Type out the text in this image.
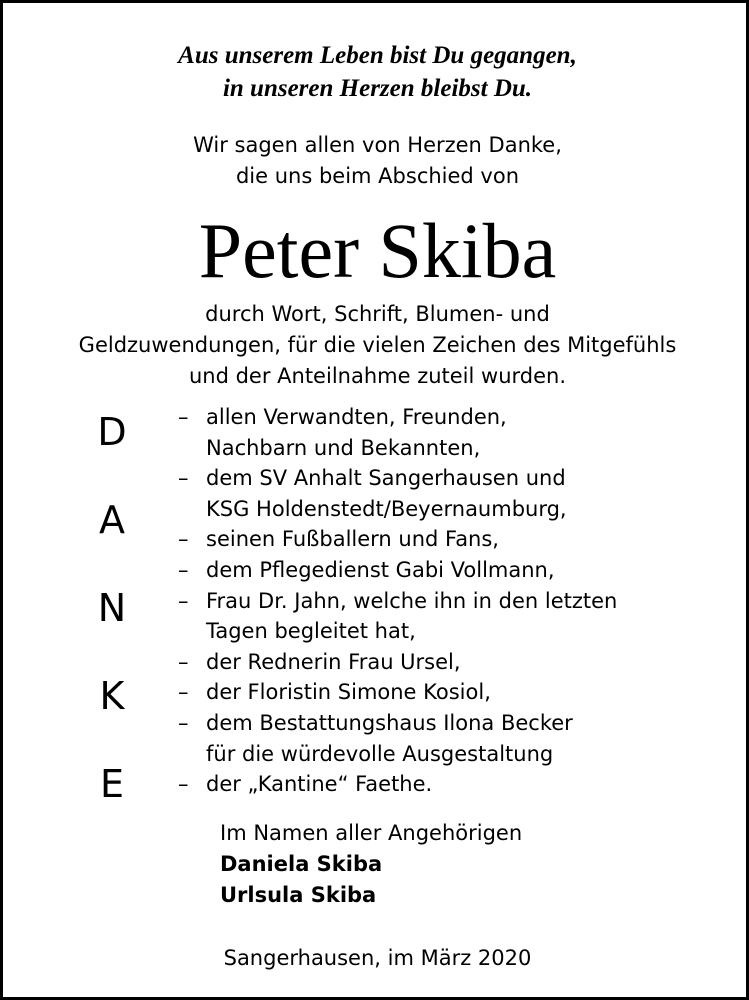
Aus unserem Leben bist Du gegangen,
in unseren Herzen bleibst Du.
Wir sagen allen von Herzen Danke,
die uns beim Abschied von
Peter Skiba
durch Wort, Schrift, Blumen- und
Geldzuwendungen, für die vielen Zeichen des Mitgefühls
und der Anteilnahme zuteil wurden.
D
A
N
K
E
– allen Verwandten, Freunden,
Nachbarn und Bekannten,
– dem SV Anhalt Sangerhausen und
KSG Holdenstedt/Beyernaumburg,
– seinen Fußballern und Fans,
– dem Pflegedienst Gabi Vollmann,
– Frau Dr. Jahn, welche ihn in den letzten
Tagen begleitet hat,
– der Rednerin Frau Ursel,
– der Floristin Simone Kosiol,
– dem Bestattungshaus Ilona Becker
für die würdevolle Ausgestaltung
– der „Kantine“ Faethe.
Im Namen aller Angehörigen
Daniela Skiba
Urlsula Skiba
Sangerhausen, im März 2020
